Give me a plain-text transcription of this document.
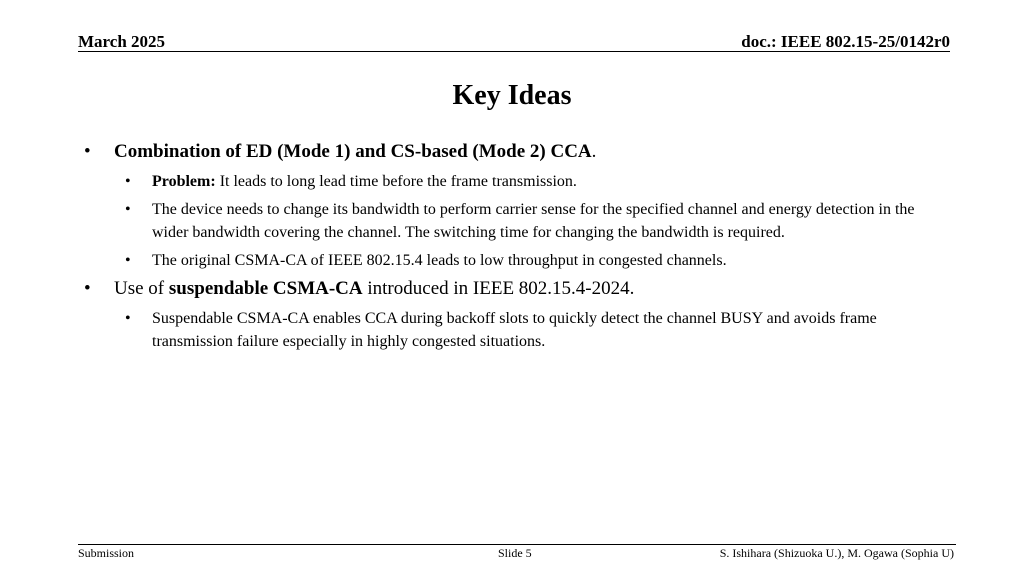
March 2025	doc.: IEEE 802.15-25/0142r0
Key Ideas
• Combination of ED (Mode 1) and CS-based (Mode 2) CCA.
• Problem: It leads to long lead time before the frame transmission.
• The device needs to change its bandwidth to perform carrier sense for the specified channel and energy detection in the wider bandwidth covering the channel. The switching time for changing the bandwidth is required.
• The original CSMA-CA of IEEE 802.15.4 leads to low throughput in congested channels.
• Use of suspendable CSMA-CA introduced in IEEE 802.15.4-2024.
• Suspendable CSMA-CA enables CCA during backoff slots to quickly detect the channel BUSY and avoids frame transmission failure especially in highly congested situations.
Submission	Slide 5	S. Ishihara (Shizuoka U.), M. Ogawa (Sophia U)
